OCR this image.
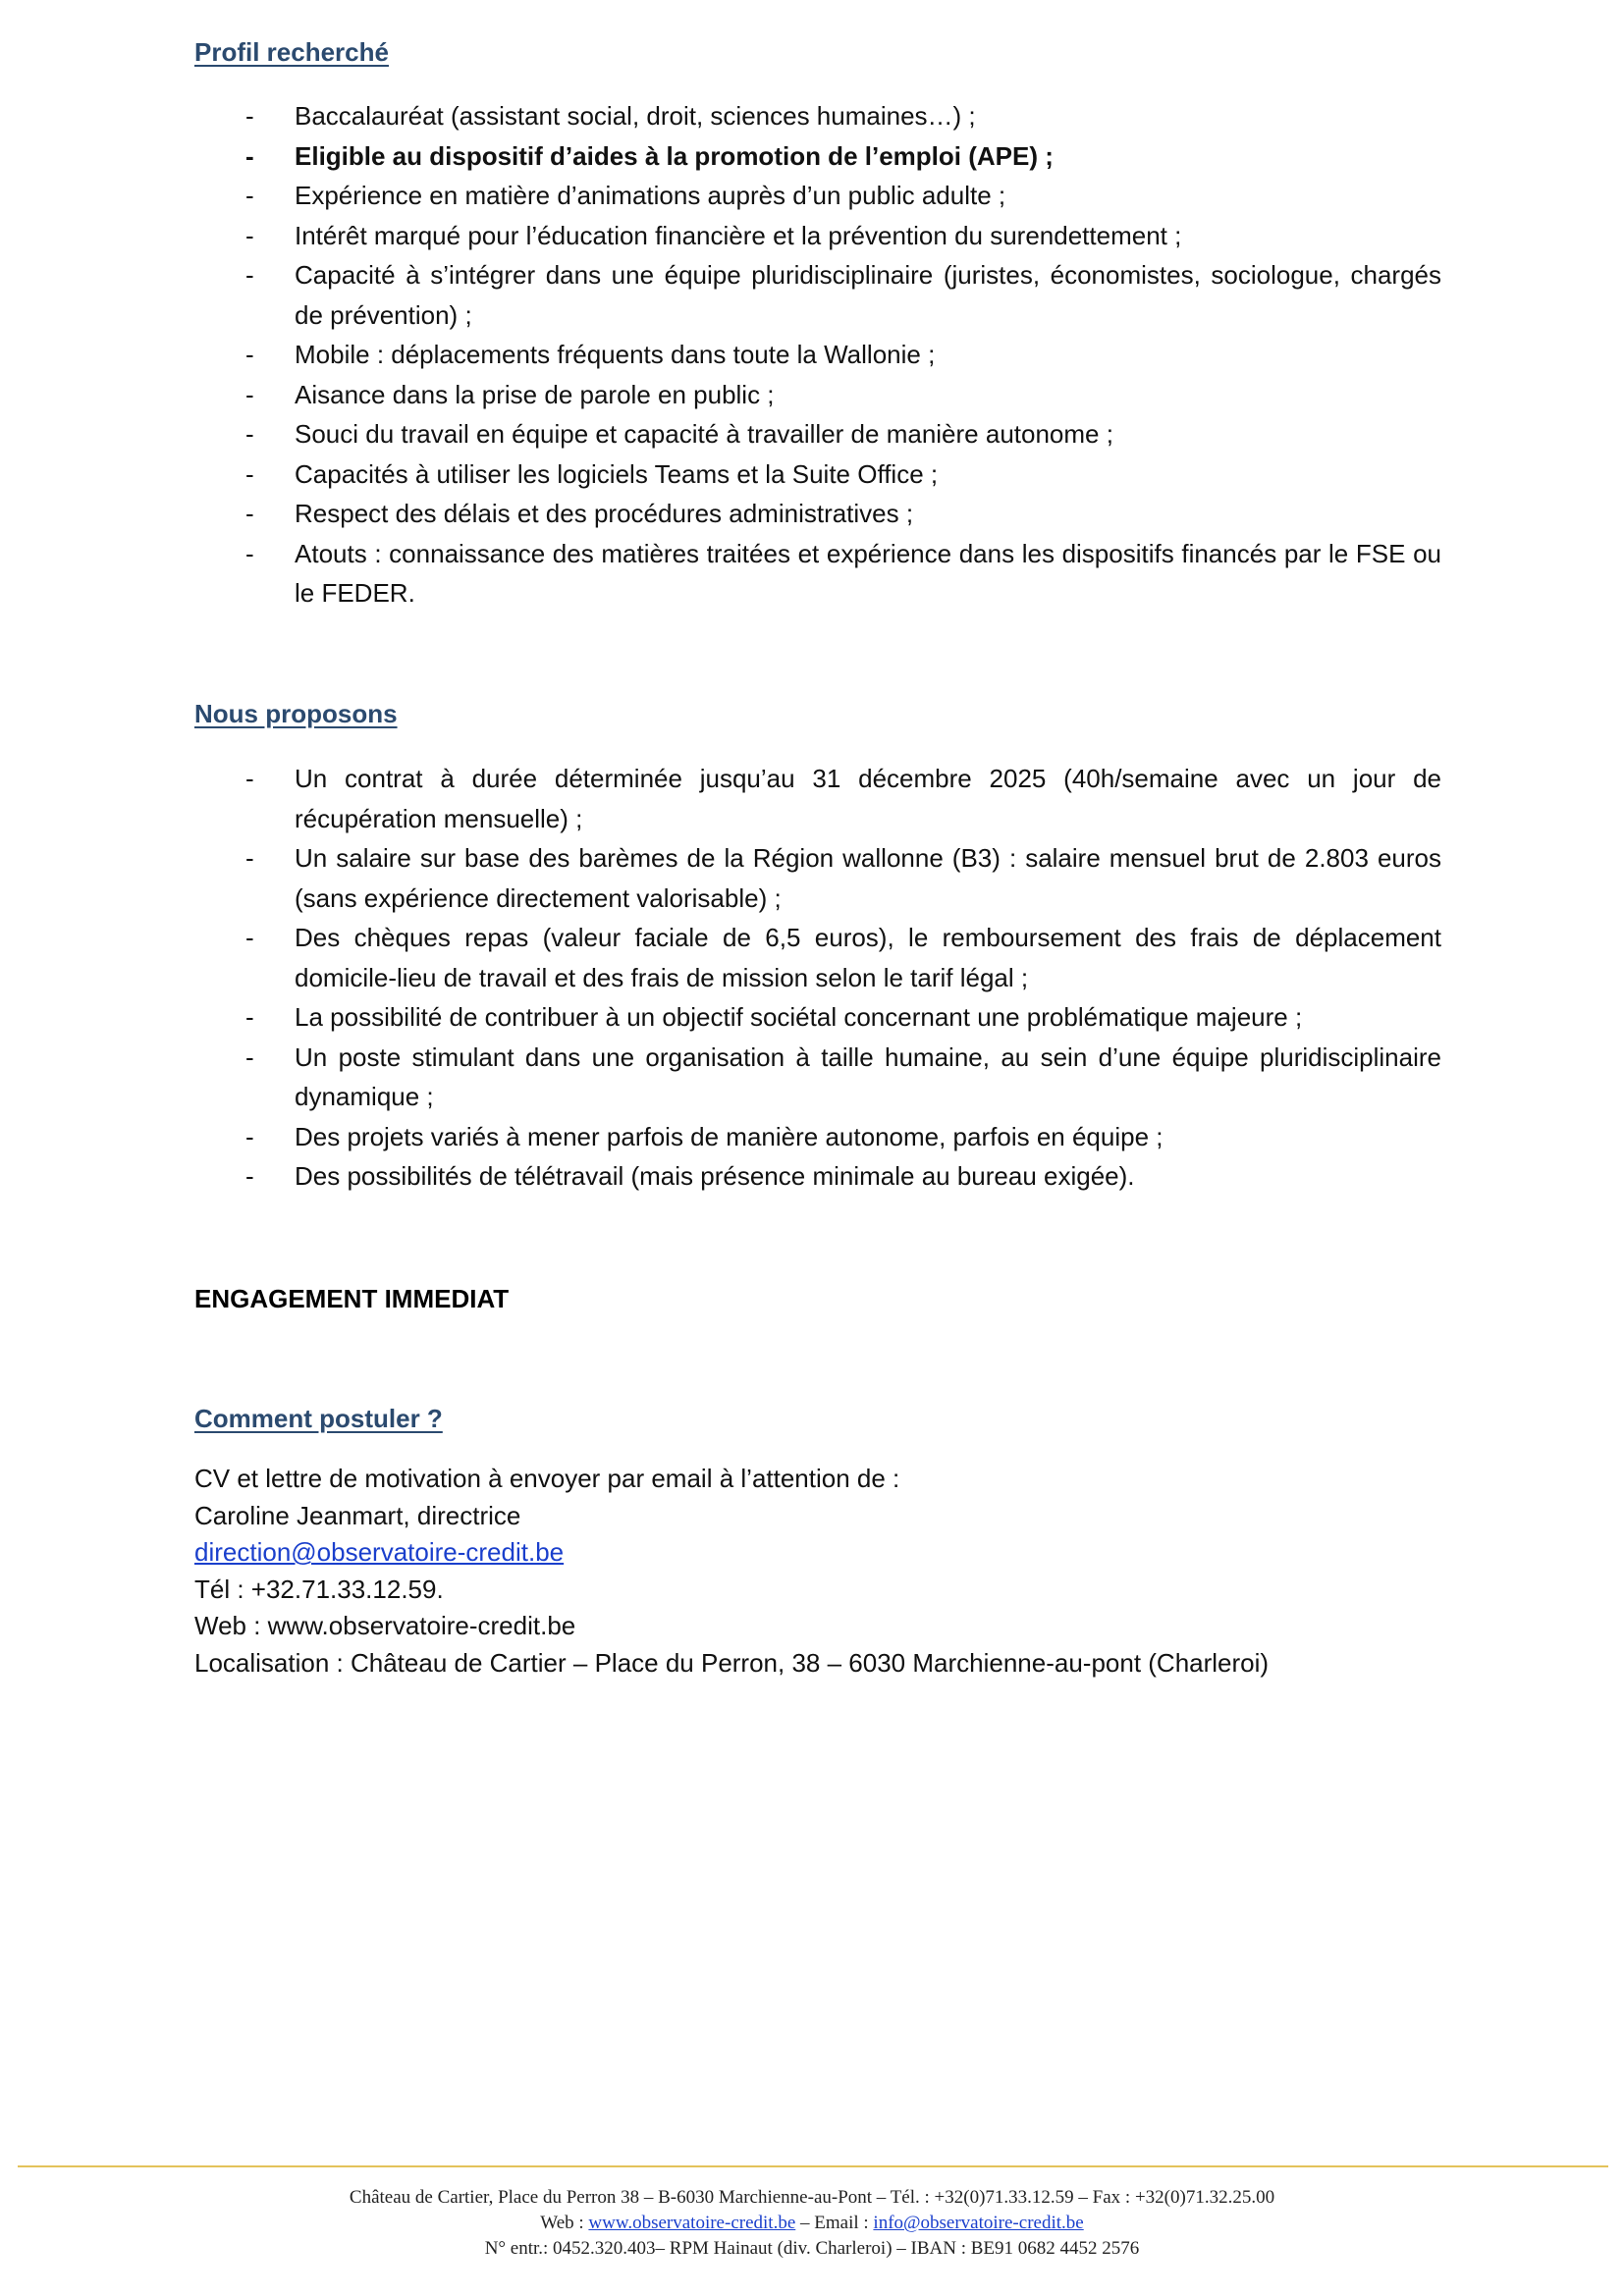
Profil recherché
- Baccalauréat (assistant social, droit, sciences humaines…) ;
- Eligible au dispositif d’aides à la promotion de l’emploi (APE) ;
- Expérience en matière d’animations auprès d’un public adulte ;
- Intérêt marqué pour l’éducation financière et la prévention du surendettement ;
- Capacité à s’intégrer dans une équipe pluridisciplinaire (juristes, économistes, sociologue, chargés de prévention) ;
- Mobile : déplacements fréquents dans toute la Wallonie ;
- Aisance dans la prise de parole en public ;
- Souci du travail en équipe et capacité à travailler de manière autonome ;
- Capacités à utiliser les logiciels Teams et la Suite Office ;
- Respect des délais et des procédures administratives ;
- Atouts : connaissance des matières traitées et expérience dans les dispositifs financés par le FSE ou le FEDER.
Nous proposons
- Un contrat à durée déterminée jusqu’au 31 décembre 2025 (40h/semaine avec un jour de récupération mensuelle) ;
- Un salaire sur base des barèmes de la Région wallonne (B3) : salaire mensuel brut de 2.803 euros (sans expérience directement valorisable) ;
- Des chèques repas (valeur faciale de 6,5 euros), le remboursement des frais de déplacement domicile-lieu de travail et des frais de mission selon le tarif légal ;
- La possibilité de contribuer à un objectif sociétal concernant une problématique majeure ;
- Un poste stimulant dans une organisation à taille humaine, au sein d’une équipe pluridisciplinaire dynamique ;
- Des projets variés à mener parfois de manière autonome, parfois en équipe ;
- Des possibilités de télétravail (mais présence minimale au bureau exigée).
ENGAGEMENT IMMEDIAT
Comment postuler ?
CV et lettre de motivation à envoyer par email à l’attention de :
Caroline Jeanmart, directrice
direction@observatoire-credit.be
Tél : +32.71.33.12.59.
Web : www.observatoire-credit.be
Localisation : Château de Cartier – Place du Perron, 38 – 6030 Marchienne-au-pont (Charleroi)
Château de Cartier, Place du Perron 38 – B-6030 Marchienne-au-Pont – Tél. : +32(0)71.33.12.59 – Fax : +32(0)71.32.25.00
Web : www.observatoire-credit.be – Email : info@observatoire-credit.be
N° entr.: 0452.320.403– RPM Hainaut (div. Charleroi) – IBAN : BE91 0682 4452 2576
